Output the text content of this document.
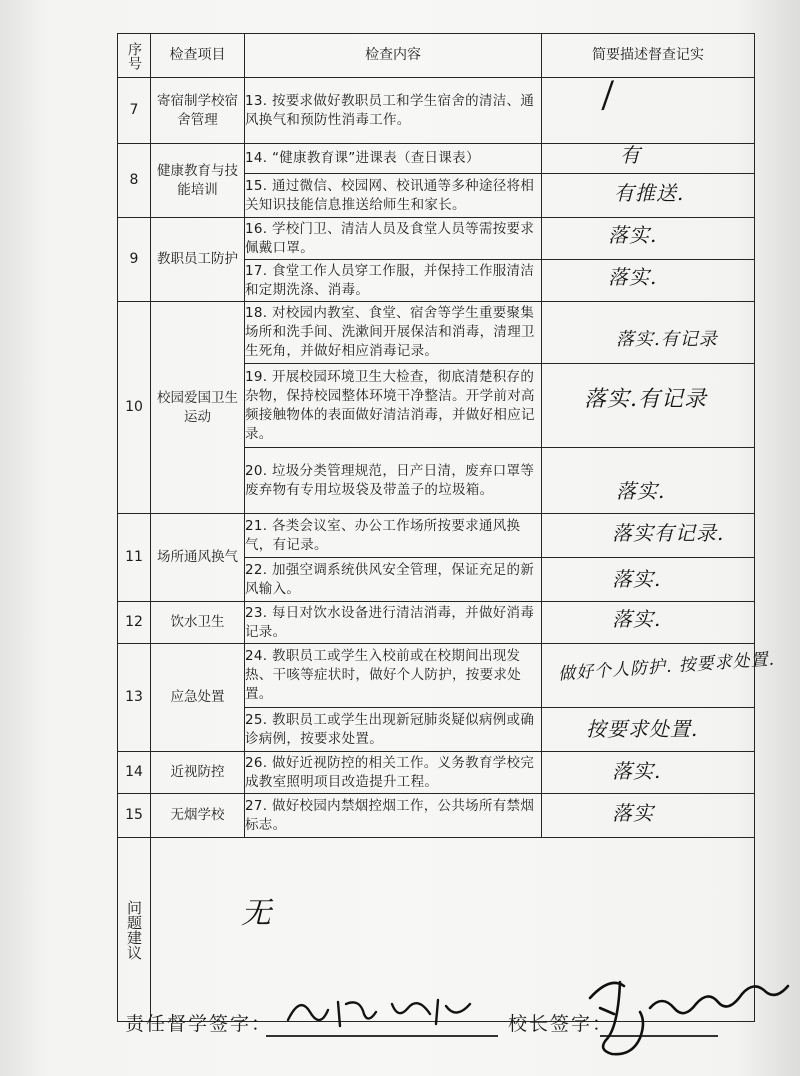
序号	检查项目	检查内容	简要描述督查记实
7	寄宿制学校宿舍管理	13. 按要求做好教职员工和学生宿舍的清洁、通风换气和预防性消毒工作。	/

8	健康教育与技能培训	14. “健康教育课”进课表（查日课表）	有

		15. 通过微信、校园网、校讯通等多种途径将相关知识技能信息推送给师生和家长。	有推送.

9	教职员工防护	16. 学校门卫、清洁人员及食堂人员等需按要求佩戴口罩。	落实.

		17. 食堂工作人员穿工作服，并保持工作服清洁和定期洗涤、消毒。	落实.

10	校园爱国卫生运动	18. 对校园内教室、食堂、宿舍等学生重要聚集场所和洗手间、洗漱间开展保洁和消毒，清理卫生死角，并做好相应消毒记录。	落实.有记录

		19. 开展校园环境卫生大检查，彻底清楚积存的杂物，保持校园整体环境干净整洁。开学前对高频接触物体的表面做好清洁消毒，并做好相应记录。	落实.有记录

		20. 垃圾分类管理规范，日产日清，废弃口罩等废弃物有专用垃圾袋及带盖子的垃圾箱。	落实.

11	场所通风换气	21. 各类会议室、办公工作场所按要求通风换气，有记录。	落实有记录.

		22. 加强空调系统供风安全管理，保证充足的新风输入。	落实.

12	饮水卫生	23. 每日对饮水设备进行清洁消毒，并做好消毒记录。	落实.

13	应急处置	24. 教职员工或学生入校前或在校期间出现发热、干咳等症状时，做好个人防护，按要求处置。	做好个人防护. 按要求处置.

		25. 教职员工或学生出现新冠肺炎疑似病例或确诊病例，按要求处置。	按要求处置.

14	近视防控	26. 做好近视防控的相关工作。义务教育学校完成教室照明项目改造提升工程。	落实.

15	无烟学校	27. 做好校园内禁烟控烟工作，公共场所有禁烟标志。	落实

问题建议	无		
责任督学签字：	校长签字：
